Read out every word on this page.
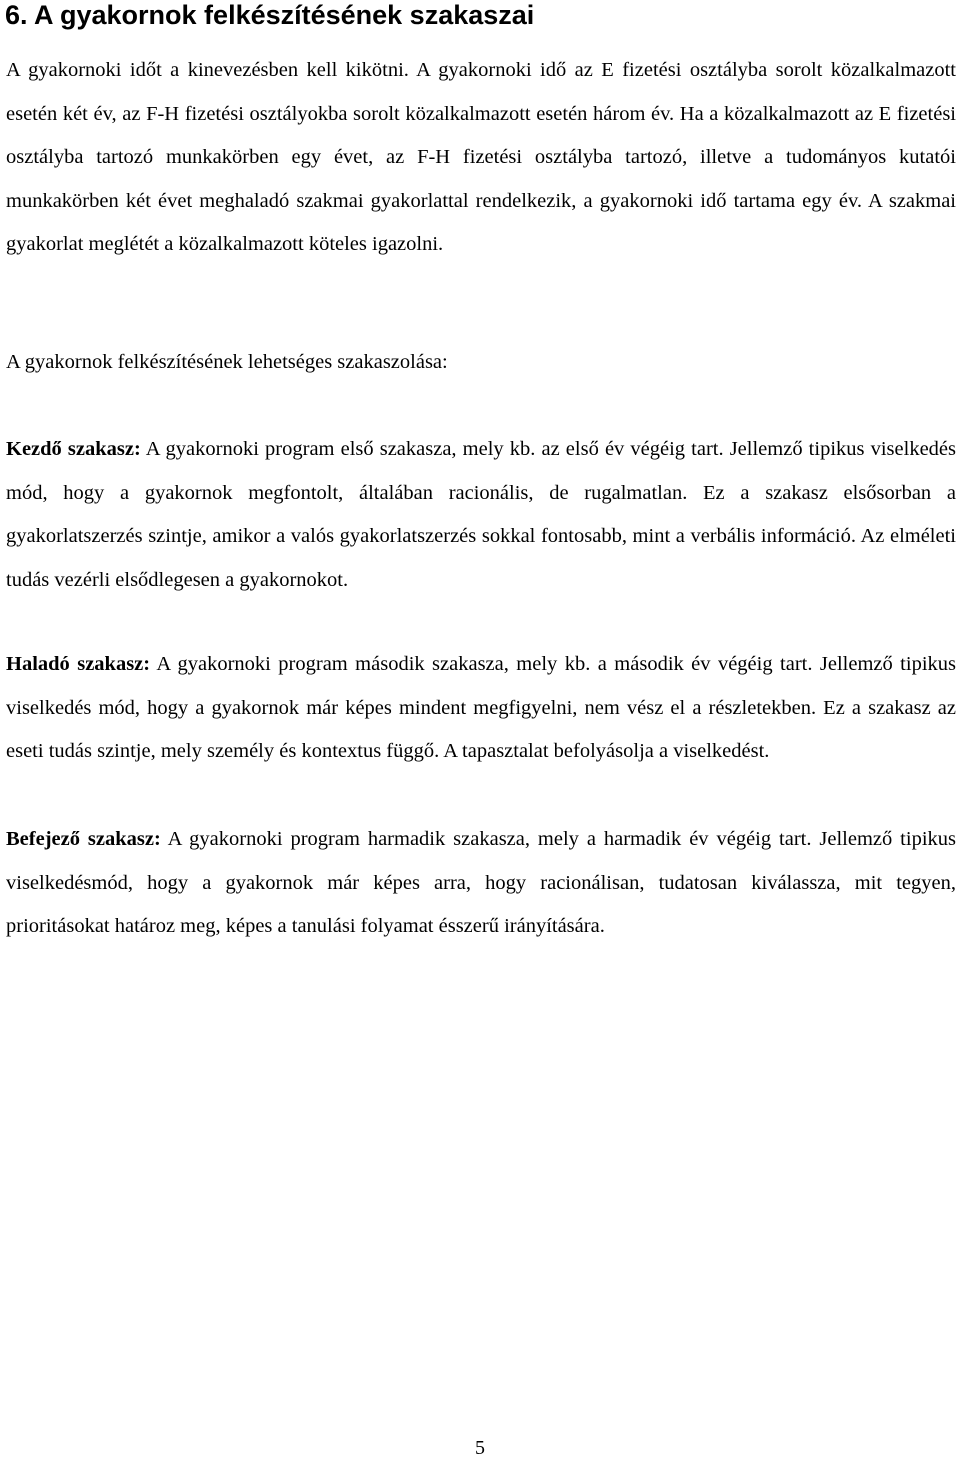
6. A gyakornok felkészítésének szakaszai

A gyakornoki időt a kinevezésben kell kikötni. A gyakornoki idő az E fizetési osztályba sorolt közalkalmazott esetén két év, az F-H fizetési osztályokba sorolt közalkalmazott esetén három év. Ha a közalkalmazott az E fizetési osztályba tartozó munkakörben egy évet, az F-H fizetési osztályba tartozó, illetve a tudományos kutatói munkakörben két évet meghaladó szakmai gyakorlattal rendelkezik, a gyakornoki idő tartama egy év. A szakmai gyakorlat meglétét a közalkalmazott köteles igazolni.

A gyakornok felkészítésének lehetséges szakaszolása:

Kezdő szakasz: A gyakornoki program első szakasza, mely kb. az első év végéig tart. Jellemző tipikus viselkedés mód, hogy a gyakornok megfontolt, általában racionális, de rugalmatlan. Ez a szakasz elsősorban a gyakorlatszerzés szintje, amikor a valós gyakorlatszerzés sokkal fontosabb, mint a verbális információ. Az elméleti tudás vezérli elsődlegesen a gyakornokot.

Haladó szakasz: A gyakornoki program második szakasza, mely kb. a második év végéig tart. Jellemző tipikus viselkedés mód, hogy a gyakornok már képes mindent megfigyelni, nem vész el a részletekben. Ez a szakasz az eseti tudás szintje, mely személy és kontextus függő. A tapasztalat befolyásolja a viselkedést.

Befejező szakasz: A gyakornoki program harmadik szakasza, mely a harmadik év végéig tart. Jellemző tipikus viselkedésmód, hogy a gyakornok már képes arra, hogy racionálisan, tudatosan kiválassza, mit tegyen, prioritásokat határoz meg, képes a tanulási folyamat ésszerű irányítására.

5
